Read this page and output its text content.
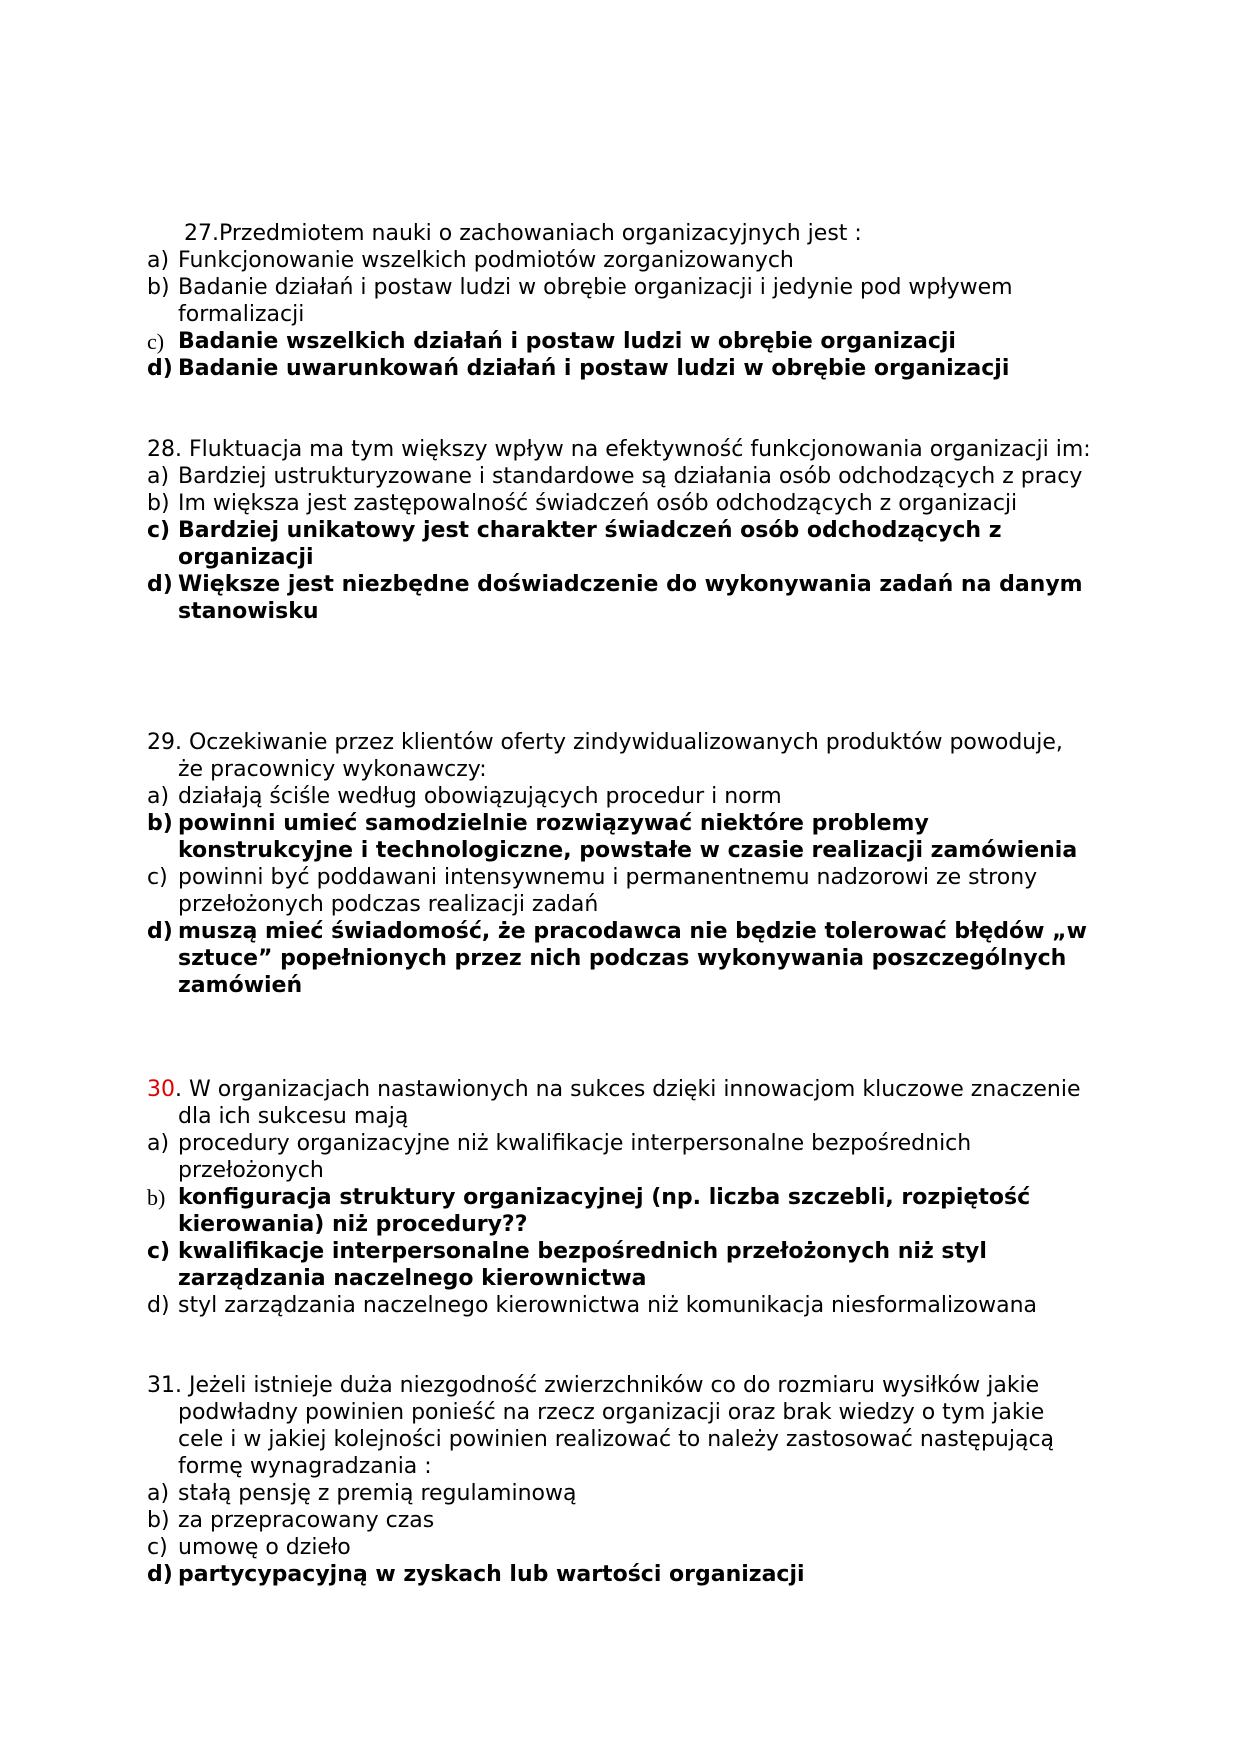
27.Przedmiotem nauki o zachowaniach organizacyjnych jest :
a) Funkcjonowanie wszelkich podmiotów zorganizowanych
b) Badanie działań i postaw ludzi w obrębie organizacji i jedynie pod wpływem formalizacji
c) Badanie wszelkich działań i postaw ludzi w obrębie organizacji
d) Badanie uwarunkowań działań i postaw ludzi w obrębie organizacji
28. Fluktuacja ma tym większy wpływ na efektywność funkcjonowania organizacji im:
a) Bardziej ustrukturyzowane i standardowe są działania osób odchodzących z pracy
b) Im większa jest zastępowalność świadczeń osób odchodzących z organizacji
c) Bardziej unikatowy jest charakter świadczeń osób odchodzących z organizacji
d) Większe jest niezbędne doświadczenie do wykonywania zadań na danym stanowisku
29. Oczekiwanie przez klientów oferty zindywidualizowanych produktów powoduje, że pracownicy wykonawczy:
a) działają ściśle według obowiązujących procedur i norm
b) powinni umieć samodzielnie rozwiązywać niektóre problemy konstrukcyjne i technologiczne, powstałe w czasie realizacji zamówienia
c) powinni być poddawani intensywnemu i permanentnemu nadzorowi ze strony przełożonych podczas realizacji zadań
d) muszą mieć świadomość, że pracodawca nie będzie tolerować błędów „w sztuce” popełnionych przez nich podczas wykonywania poszczególnych zamówień
30. W organizacjach nastawionych na sukces dzięki innowacjom kluczowe znaczenie dla ich sukcesu mają
a) procedury organizacyjne niż kwalifikacje interpersonalne bezpośrednich przełożonych
b) konfiguracja struktury organizacyjnej (np. liczba szczebli, rozpiętość kierowania) niż procedury??
c) kwalifikacje interpersonalne bezpośrednich przełożonych niż styl zarządzania naczelnego kierownictwa
d) styl zarządzania naczelnego kierownictwa niż komunikacja niesformalizowana
31. Jeżeli istnieje duża niezgodność zwierzchników co do rozmiaru wysiłków jakie podwładny powinien ponieść na rzecz organizacji oraz brak wiedzy o tym jakie cele i w jakiej kolejności powinien realizować to należy zastosować następującą formę wynagradzania :
a) stałą pensję z premią regulaminową
b) za przepracowany czas
c) umowę o dzieło
d) partycypacyjną w zyskach lub wartości organizacji
